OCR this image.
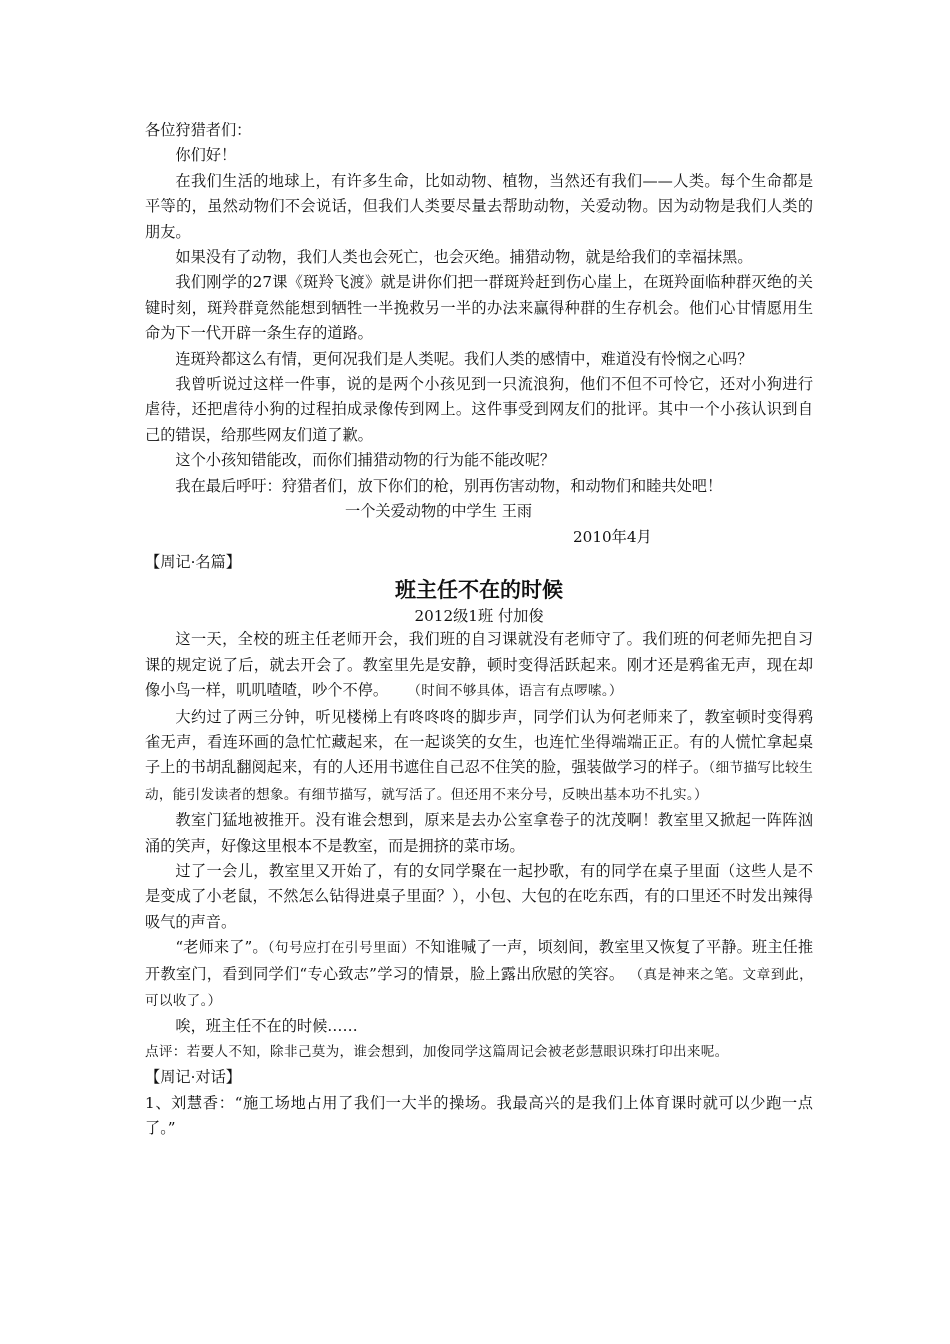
各位狩猎者们：

你们好！

在我们生活的地球上，有许多生命，比如动物、植物，当然还有我们——人类。每个生命都是平等的，虽然动物们不会说话，但我们人类要尽量去帮助动物，关爱动物。因为动物是我们人类的朋友。

如果没有了动物，我们人类也会死亡，也会灭绝。捕猎动物，就是给我们的幸福抹黑。

我们刚学的27课《斑羚飞渡》就是讲你们把一群斑羚赶到伤心崖上，在斑羚面临种群灭绝的关键时刻，斑羚群竟然能想到牺牲一半挽救另一半的办法来赢得种群的生存机会。他们心甘情愿用生命为下一代开辟一条生存的道路。

连斑羚都这么有情，更何况我们是人类呢。我们人类的感情中，难道没有怜悯之心吗？

我曾听说过这样一件事，说的是两个小孩见到一只流浪狗，他们不但不可怜它，还对小狗进行虐待，还把虐待小狗的过程拍成录像传到网上。这件事受到网友们的批评。其中一个小孩认识到自己的错误，给那些网友们道了歉。

这个小孩知错能改，而你们捕猎动物的行为能不能改呢？

我在最后呼吁：狩猎者们，放下你们的枪，别再伤害动物，和动物们和睦共处吧！

一个关爱动物的中学生 王雨

2010年4月

【周记·名篇】

班主任不在的时候

2012级1班 付加俊

这一天，全校的班主任老师开会，我们班的自习课就没有老师守了。我们班的何老师先把自习课的规定说了后，就去开会了。教室里先是安静，顿时变得活跃起来。刚才还是鸦雀无声，现在却像小鸟一样，叽叽喳喳，吵个不停。 （时间不够具体，语言有点啰嗦。）

大约过了两三分钟，听见楼梯上有咚咚咚的脚步声，同学们认为何老师来了，教室顿时变得鸦雀无声，看连环画的急忙忙藏起来，在一起谈笑的女生，也连忙坐得端端正正。有的人慌忙拿起桌子上的书胡乱翻阅起来，有的人还用书遮住自己忍不住笑的脸，强装做学习的样子。（细节描写比较生动，能引发读者的想象。有细节描写，就写活了。但还用不来分号，反映出基本功不扎实。）

教室门猛地被推开。没有谁会想到，原来是去办公室拿卷子的沈茂啊！教室里又掀起一阵阵汹涌的笑声，好像这里根本不是教室，而是拥挤的菜市场。

过了一会儿，教室里又开始了，有的女同学聚在一起抄歌，有的同学在桌子里面（这些人是不是变成了小老鼠，不然怎么钻得进桌子里面？），小包、大包的在吃东西，有的口里还不时发出辣得吸气的声音。

“老师来了”。（句号应打在引号里面）不知谁喊了一声，顷刻间，教室里又恢复了平静。班主任推开教室门，看到同学们“专心致志”学习的情景，脸上露出欣慰的笑容。 （真是神来之笔。文章到此，可以收了。）

唉，班主任不在的时候……

点评：若要人不知，除非己莫为，谁会想到，加俊同学这篇周记会被老彭慧眼识珠打印出来呢。

【周记·对话】

1、刘慧香：“施工场地占用了我们一大半的操场。我最高兴的是我们上体育课时就可以少跑一点了。”
